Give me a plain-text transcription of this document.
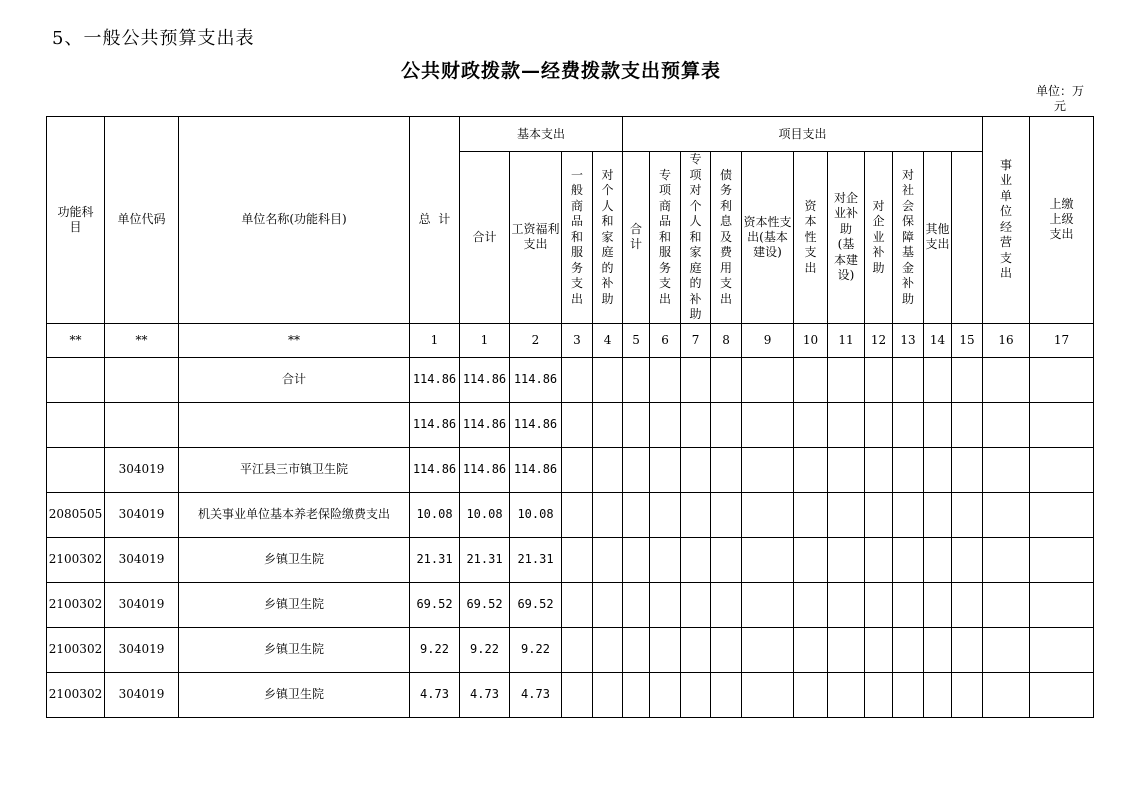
5、一般公共预算支出表
公共财政拨款—经费拨款支出预算表
单位：万元
功能科目	单位代码	单位名称(功能科目)	总  计	基本支出				项目支出											事业单位经营支出	上缴上级支出	
				合计	工资福利支出	一般商品和服务支出	对个人和家庭的补助	合计	专项商品和服务支出	专项对个人和家庭的补助	债务利息及费用支出	资本性支出(基本建设)	资本性支出	对企业补助(基本建设)	对企业补助	对社会保障基金补助	其他支出				
**	**	**	1	1	2	3	4	5	6	7	8	9	10	11	12	13	14	15	16	17	
		合计	114.86	114.86	114.86																
			114.86	114.86	114.86																
	304019	平江县三市镇卫生院	114.86	114.86	114.86																
2080505	304019	机关事业单位基本养老保险缴费支出	10.08	10.08	10.08																
2100302	304019	乡镇卫生院	21.31	21.31	21.31																
2100302	304019	乡镇卫生院	69.52	69.52	69.52																
2100302	304019	乡镇卫生院	9.22	9.22	9.22																
2100302	304019	乡镇卫生院	4.73	4.73	4.73																
